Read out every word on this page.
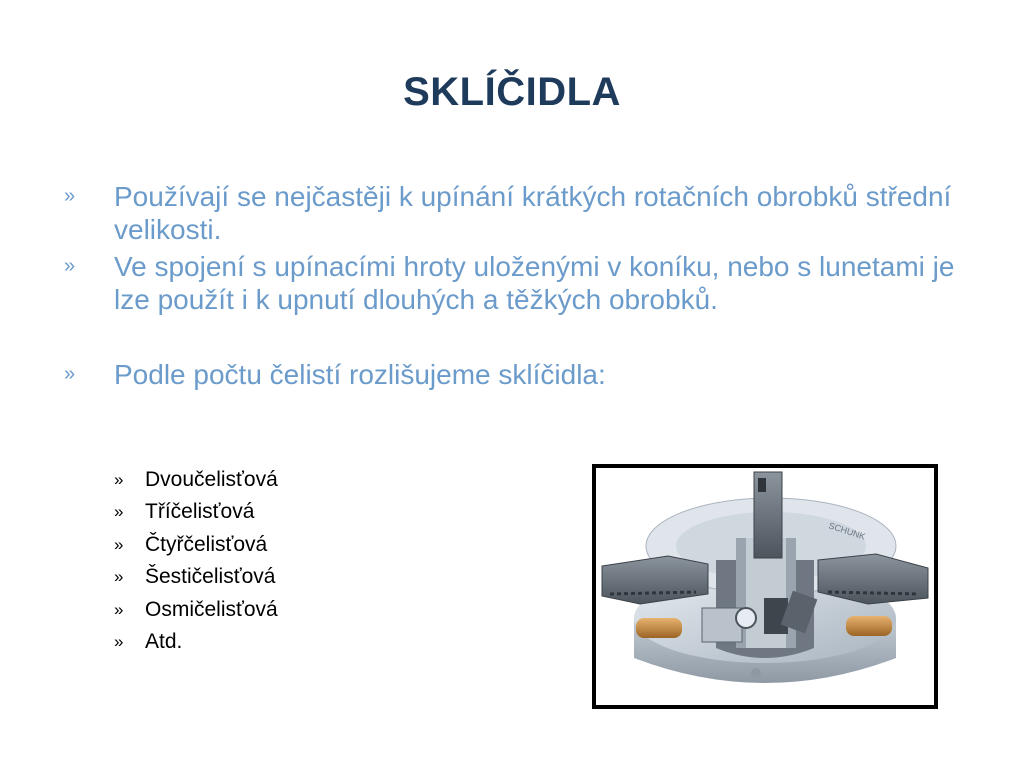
SKLÍČIDLA
» Používají se nejčastěji k upínání krátkých rotačních obrobků střední velikosti.
» Ve spojení s upínacími hroty uloženými v koníku, nebo s lunetami je lze použít i k upnutí dlouhých a těžkých obrobků.
» Podle počtu čelistí rozlišujeme sklíčidla:
» Dvoučelisťová
» Tříčelisťová
» Čtyřčelisťová
» Šestičelisťová
» Osmičelisťová
» Atd.
SCHUNK
